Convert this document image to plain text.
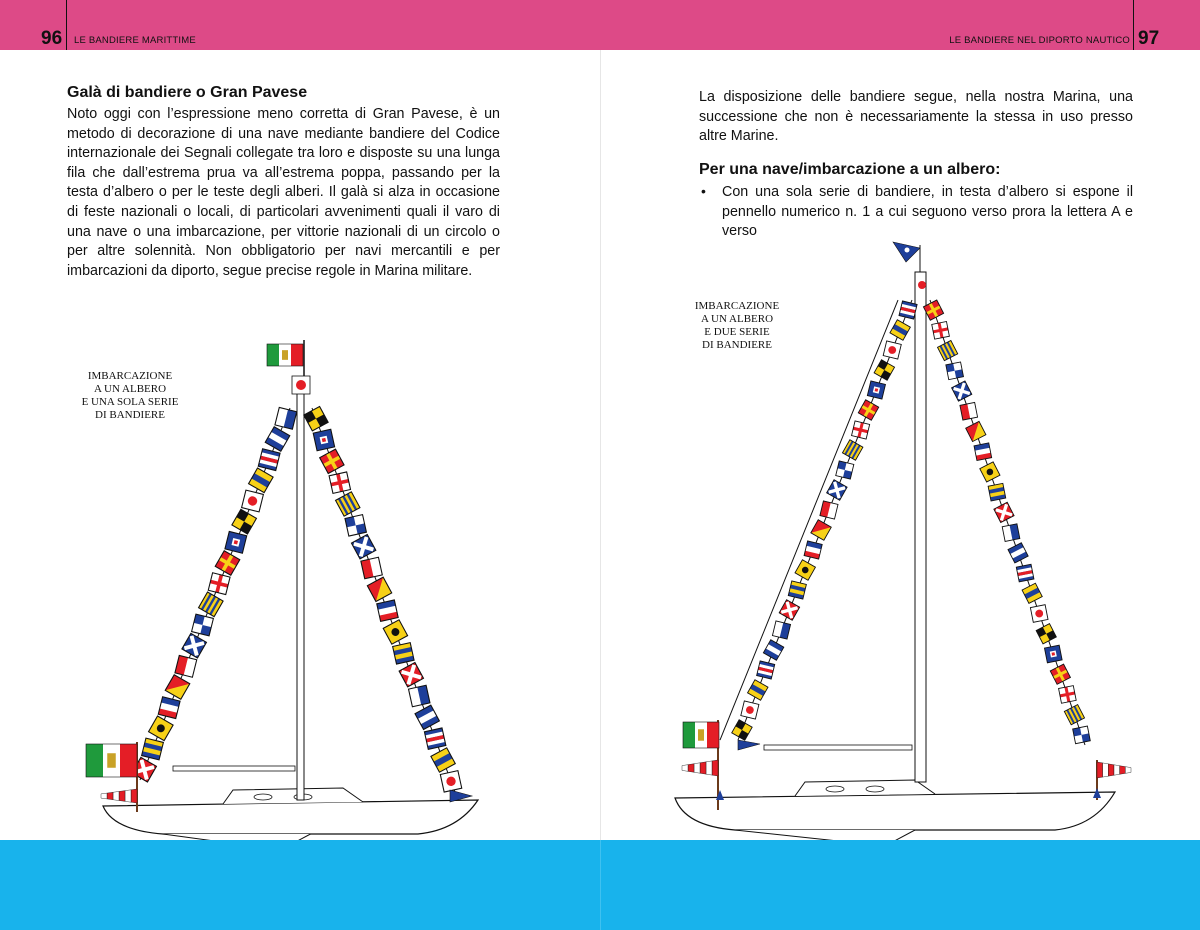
96 LE BANDIERE MARITTIME	LE BANDIERE NEL DIPORTO NAUTICO 97
Galà di bandiere o Gran Pavese

Noto oggi con l’espressione meno corretta di Gran Pavese, è un metodo di decorazione di una nave mediante bandiere del Codice internazionale dei Segnali collegate tra loro e disposte su una lunga fila che dall’estrema prua va all’estrema poppa, passando per la testa d’albero o per le teste degli alberi. Il galà si alza in occasione di feste nazionali o locali, di particolari avvenimenti quali il varo di una nave o una imbarcazione, per vittorie nazionali di un circolo o per altre solennità. Non obbligatorio per navi mercantili e per imbarcazioni da diporto, segue precise regole in Marina militare.

La disposizione delle bandiere segue, nella nostra Marina, una successione che non è necessariamente la stessa in uso presso altre Marine.

Per una nave/imbarcazione a un albero:
• Con una sola serie di bandiere, in testa d’albero si espone il pennello numerico n. 1 a cui seguono verso prora la lettera A e verso

IMBARCAZIONE
A UN ALBERO
E UNA SOLA SERIE
DI BANDIERE
IMBARCAZIONE
A UN ALBERO
E DUE SERIE
DI BANDIERE
